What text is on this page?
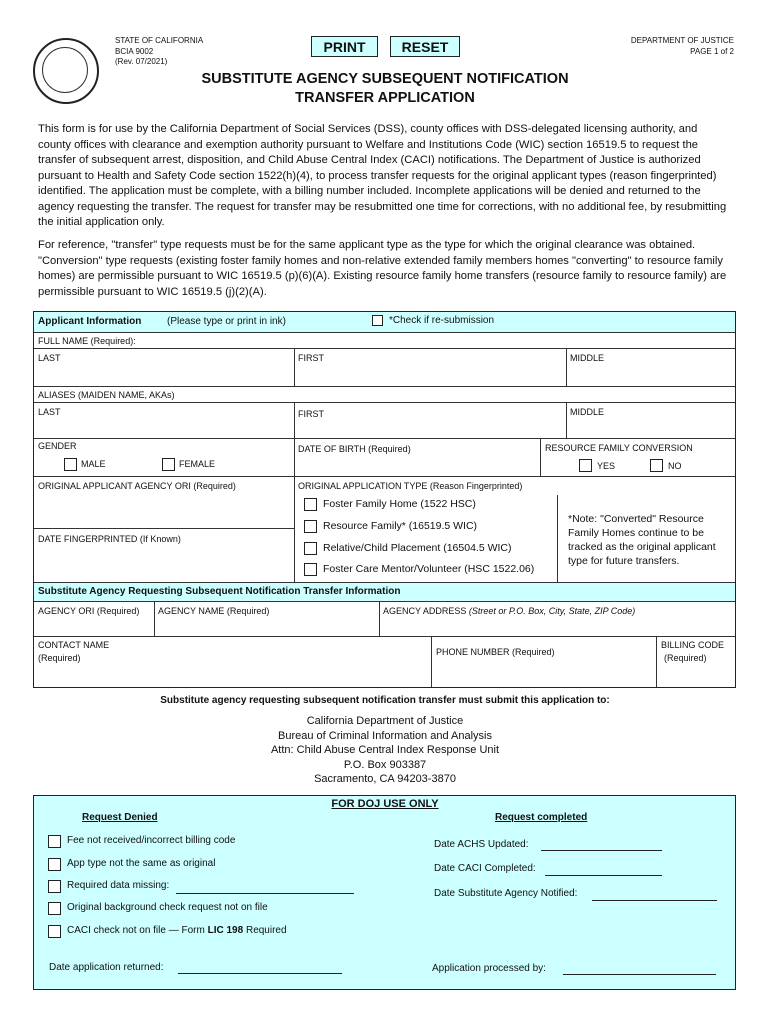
STATE OF CALIFORNIA
BCIA 9002
(Rev. 07/2021)
PRINT	RESET	DEPARTMENT OF JUSTICE
PAGE 1 of 2
SUBSTITUTE AGENCY SUBSEQUENT NOTIFICATION
TRANSFER APPLICATION
This form is for use by the California Department of Social Services (DSS), county offices with DSS-delegated licensing authority, and county offices with clearance and exemption authority pursuant to Welfare and Institutions Code (WIC) section 16519.5 to request the transfer of subsequent arrest, disposition, and Child Abuse Central Index (CACI) notifications. The Department of Justice is authorized pursuant to Health and Safety Code section 1522(h)(4), to process transfer requests for the original applicant types (reason fingerprinted) identified. The application must be complete, with a billing number included. Incomplete applications will be denied and returned to the agency requesting the transfer. The request for transfer may be resubmitted one time for corrections, with no additional fee, by resubmitting the initial application only.
For reference, "transfer" type requests must be for the same applicant type as the type for which the original clearance was obtained. "Conversion" type requests (existing foster family homes and non-relative extended family members homes "converting" to resource family homes) are permissible pursuant to WIC 16519.5 (p)(6)(A). Existing resource family home transfers (resource family to resource family) are permissible pursuant to WIC 16519.5 (j)(2)(A).
Applicant Information	(Please type or print in ink)	*Check if re-submission
FULL NAME (Required):
LAST	FIRST	MIDDLE
ALIASES (MAIDEN NAME, AKAs)
LAST	FIRST	MIDDLE
GENDER
MALE	FEMALE
DATE OF BIRTH (Required)	RESOURCE FAMILY CONVERSION
YES	NO
ORIGINAL APPLICANT AGENCY ORI (Required)
DATE FINGERPRINTED (If Known)
ORIGINAL APPLICATION TYPE (Reason Fingerprinted)
Foster Family Home (1522 HSC)
Resource Family* (16519.5 WIC)
Relative/Child Placement (16504.5 WIC)
Foster Care Mentor/Volunteer (HSC 1522.06)
*Note: "Converted" Resource Family Homes continue to be tracked as the original applicant type for future transfers.
Substitute Agency Requesting Subsequent Notification Transfer Information
AGENCY ORI (Required) AGENCY NAME (Required)	AGENCY ADDRESS (Street or P.O. Box, City, State, ZIP Code)
CONTACT NAME
(Required)
PHONE NUMBER (Required)
BILLING CODE
(Required)
Substitute agency requesting subsequent notification transfer must submit this application to:
California Department of Justice
Bureau of Criminal Information and Analysis
Attn: Child Abuse Central Index Response Unit
P.O. Box 903387
Sacramento, CA 94203-3870
FOR DOJ USE ONLY
Request Denied	Request completed
Fee not received/incorrect billing code
App type not the same as original
Required data missing:
Original background check request not on file
CACI check not on file — Form LIC 198 Required
Date ACHS Updated:
Date CACI Completed:
Date Substitute Agency Notified:
Date application returned:	Application processed by:
